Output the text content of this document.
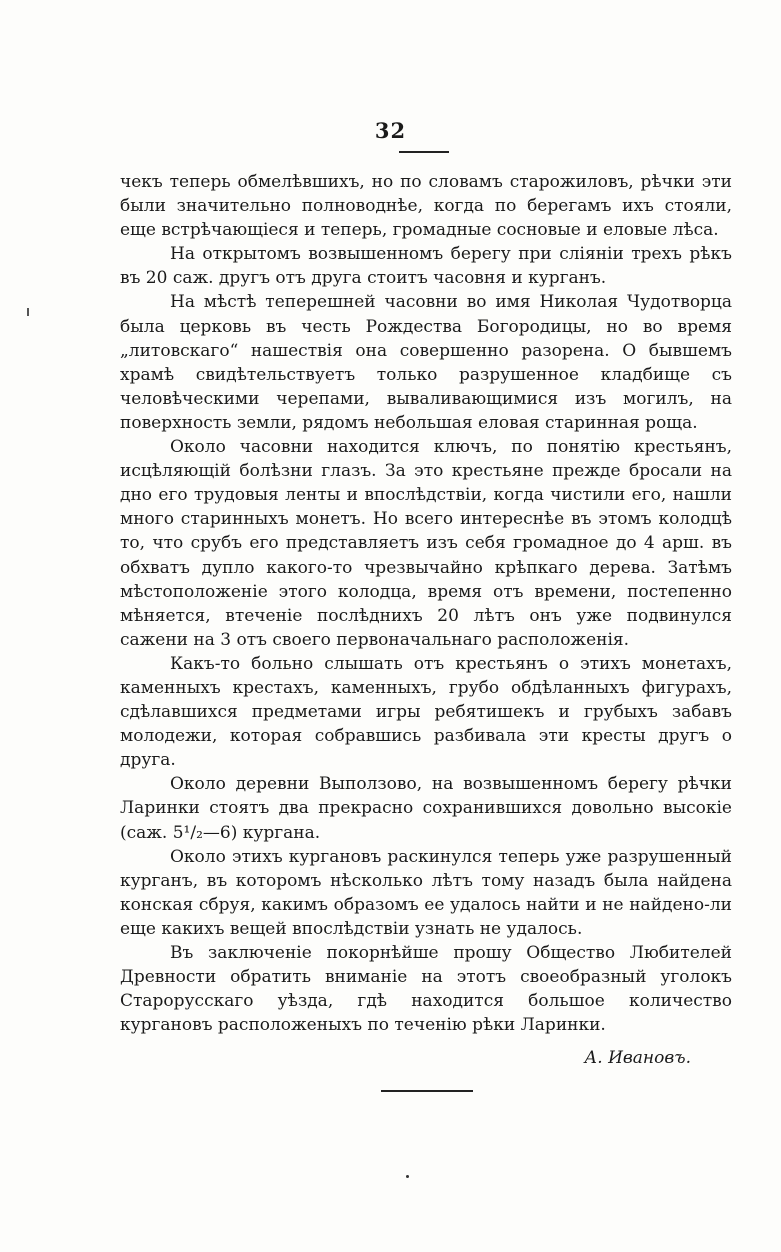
32

чекъ теперь обмелѣвшихъ, но по словамъ старожиловъ, рѣчки эти были значительно полноводнѣе, когда по берегамъ ихъ стояли, еще встрѣчающіеся и теперь, громадные сосновые и еловые лѣса.

На открытомъ возвышенномъ берегу при сліяніи трехъ рѣкъ въ 20 саж. другъ отъ друга стоитъ часовня и курганъ.

На мѣстѣ теперешней часовни во имя Николая Чудотворца была церковь въ честь Рождества Богородицы, но во время „литовскаго“ нашествія она совершенно разорена. О бывшемъ храмѣ свидѣтельствуетъ только разрушенное кладбище съ человѣческими черепами, вываливающимися изъ могилъ, на поверхность земли, рядомъ небольшая еловая старинная роща.

Около часовни находится ключъ, по понятію крестьянъ, исцѣляющій болѣзни глазъ. За это крестьяне прежде бросали на дно его трудовыя ленты и впослѣдствіи, когда чистили его, нашли много старинныхъ монетъ. Но всего интереснѣе въ этомъ колодцѣ то, что срубъ его представляетъ изъ себя громадное до 4 арш. въ обхватъ дупло какого-то чрезвычайно крѣпкаго дерева. Затѣмъ мѣстоположеніе этого колодца, время отъ времени, постепенно мѣняется, втеченіе послѣднихъ 20 лѣтъ онъ уже подвинулся сажени на 3 отъ своего первоначальнаго расположенія.

Какъ-то больно слышать отъ крестьянъ о этихъ монетахъ, каменныхъ крестахъ, каменныхъ, грубо обдѣланныхъ фигурахъ, сдѣлавшихся предметами игры ребятишекъ и грубыхъ забавъ молодежи, которая собравшись разбивала эти кресты другъ о друга.

Около деревни Выползово, на возвышенномъ берегу рѣчки Ларинки стоятъ два прекрасно сохранившихся довольно высокіе (саж. 5¹/₂—6) кургана.

Около этихъ кургановъ раскинулся теперь уже разрушенный курганъ, въ которомъ нѣсколько лѣтъ тому назадъ была найдена конская сбруя, какимъ образомъ ее удалось найти и не найдено-ли еще какихъ вещей впослѣдствіи узнать не удалось.

Въ заключеніе покорнѣйше прошу Общество Любителей Древности обратить вниманіе на этотъ своеобразный уголокъ Старорусскаго уѣзда, гдѣ находится большое количество кургановъ расположеныхъ по теченію рѣки Ларинки.

А. Ивановъ.
